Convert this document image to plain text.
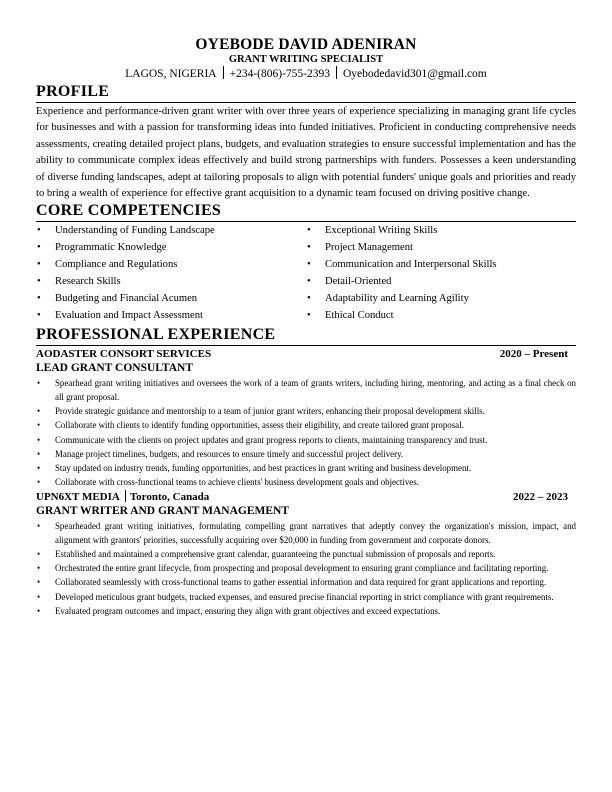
OYEBODE DAVID ADENIRAN
GRANT WRITING SPECIALIST
LAGOS, NIGERIA +234-(806)-755-2393 Oyebodedavid301@gmail.com
PROFILE
Experience and performance-driven grant writer with over three years of experience specializing in managing grant life cycles for businesses and with a passion for transforming ideas into funded initiatives. Proficient in conducting comprehensive needs assessments, creating detailed project plans, budgets, and evaluation strategies to ensure successful implementation and has the ability to communicate complex ideas effectively and build strong partnerships with funders. Possesses a keen understanding of diverse funding landscapes, adept at tailoring proposals to align with potential funders' unique goals and priorities and ready to bring a wealth of experience for effective grant acquisition to a dynamic team focused on driving positive change.
CORE COMPETENCIES
• Understanding of Funding Landscape
• Programmatic Knowledge
• Compliance and Regulations
• Research Skills
• Budgeting and Financial Acumen
• Evaluation and Impact Assessment
• Exceptional Writing Skills
• Project Management
• Communication and Interpersonal Skills
• Detail-Oriented
• Adaptability and Learning Agility
• Ethical Conduct
PROFESSIONAL EXPERIENCE
AODASTER CONSORT SERVICES	2020 – Present
LEAD GRANT CONSULTANT
• Spearhead grant writing initiatives and oversees the work of a team of grants writers, including hiring, mentoring, and acting as a final check on all grant proposal.
• Provide strategic guidance and mentorship to a team of junior grant writers, enhancing their proposal development skills.
• Collaborate with clients to identify funding opportunities, assess their eligibility, and create tailored grant proposal.
• Communicate with the clients on project updates and grant progress reports to clients, maintaining transparency and trust.
• Manage project timelines, budgets, and resources to ensure timely and successful project delivery.
• Stay updated on industry trends, funding opportunities, and best practices in grant writing and business development.
• Collaborate with cross-functional teams to achieve clients' business development goals and objectives.
UPN6XT MEDIA Toronto, Canada	2022 – 2023
GRANT WRITER AND GRANT MANAGEMENT
• Spearheaded grant writing initiatives, formulating compelling grant narratives that adeptly convey the organization's mission, impact, and alignment with grantors' priorities, successfully acquiring over $20,000 in funding from government and corporate donors.
• Established and maintained a comprehensive grant calendar, guaranteeing the punctual submission of proposals and reports.
• Orchestrated the entire grant lifecycle, from prospecting and proposal development to ensuring grant compliance and facilitating reporting.
• Collaborated seamlessly with cross-functional teams to gather essential information and data required for grant applications and reporting.
• Developed meticulous grant budgets, tracked expenses, and ensured precise financial reporting in strict compliance with grant requirements.
• Evaluated program outcomes and impact, ensuring they align with grant objectives and exceed expectations.
